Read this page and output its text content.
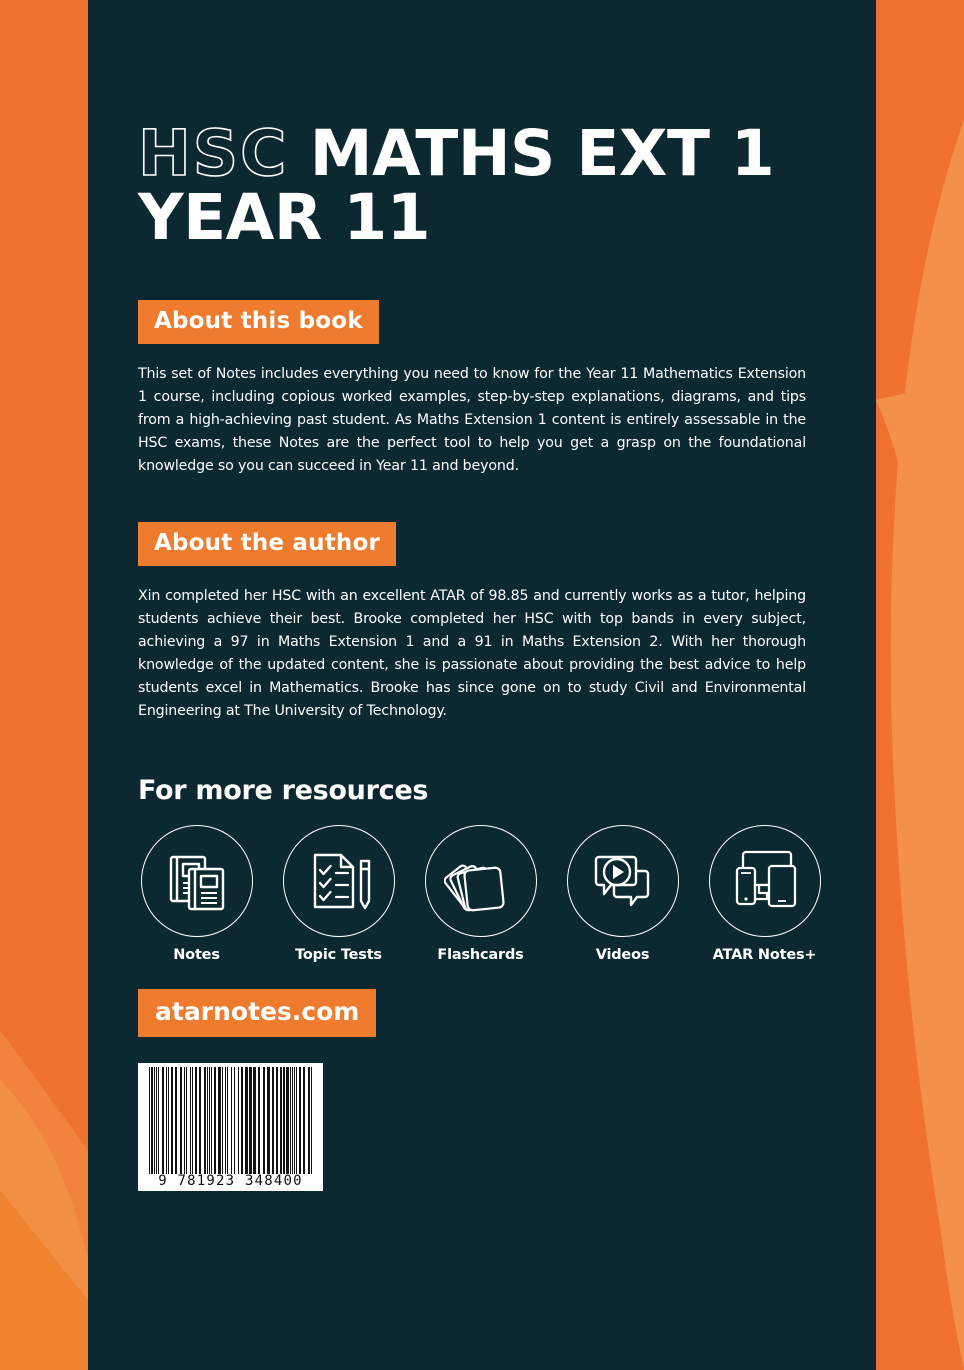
HSC MATHS EXT 1
YEAR 11
About this book

This set of Notes includes everything you need to know for the Year 11 Mathematics Extension 1 course, including copious worked examples, step-by-step explanations, diagrams, and tips from a high-achieving past student. As Maths Extension 1 content is entirely assessable in the HSC exams, these Notes are the perfect tool to help you get a grasp on the foundational knowledge so you can succeed in Year 11 and beyond.

About the author

Xin completed her HSC with an excellent ATAR of 98.85 and currently works as a tutor, helping students achieve their best. Brooke completed her HSC with top bands in every subject, achieving a 97 in Maths Extension 1 and a 91 in Maths Extension 2. With her thorough knowledge of the updated content, she is passionate about providing the best advice to help students excel in Mathematics. Brooke has since gone on to study Civil and Environmental Engineering at The University of Technology.

For more resources
Notes	Topic Tests	Flashcards	Videos	ATAR Notes+
atarnotes.com
9 781923 348400
